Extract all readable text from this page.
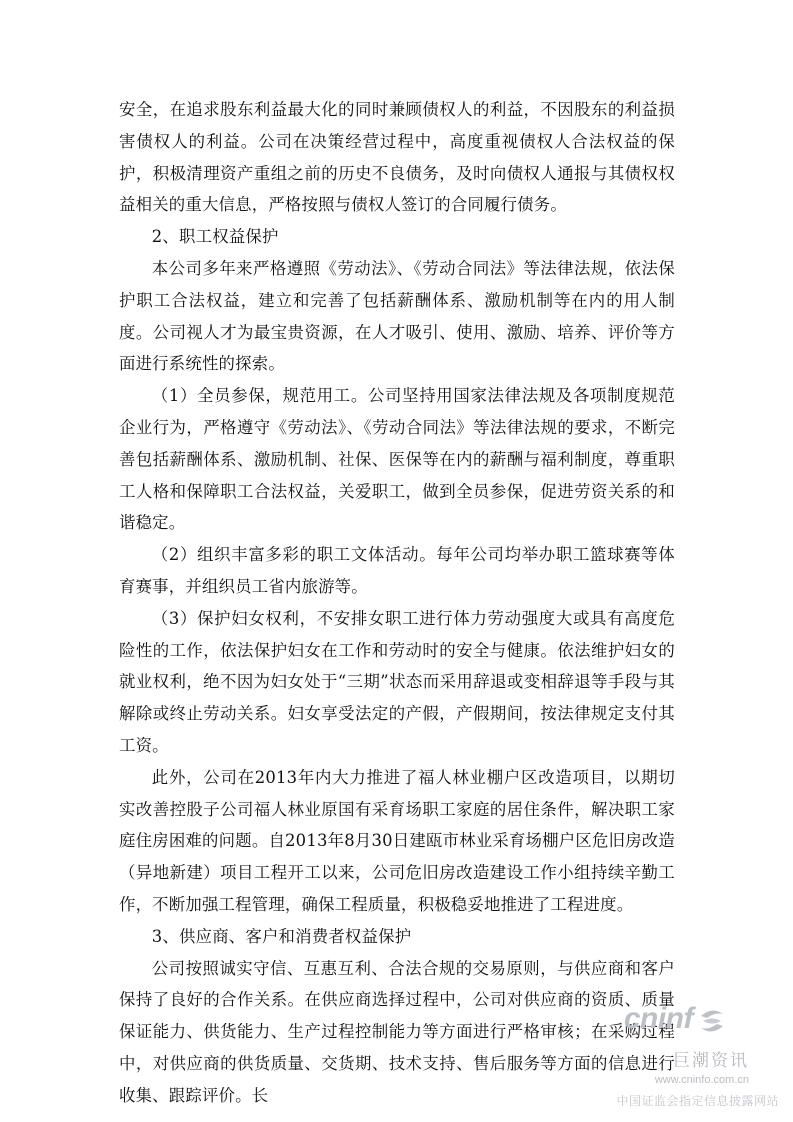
安全，在追求股东利益最大化的同时兼顾债权人的利益，不因股东的利益损害债权人的利益。公司在决策经营过程中，高度重视债权人合法权益的保护，积极清理资产重组之前的历史不良债务，及时向债权人通报与其债权权益相关的重大信息，严格按照与债权人签订的合同履行债务。

2、职工权益保护

本公司多年来严格遵照《劳动法》、《劳动合同法》等法律法规，依法保护职工合法权益，建立和完善了包括薪酬体系、激励机制等在内的用人制度。公司视人才为最宝贵资源，在人才吸引、使用、激励、培养、评价等方面进行系统性的探索。

（1）全员参保，规范用工。公司坚持用国家法律法规及各项制度规范企业行为，严格遵守《劳动法》、《劳动合同法》等法律法规的要求，不断完善包括薪酬体系、激励机制、社保、医保等在内的薪酬与福利制度，尊重职工人格和保障职工合法权益，关爱职工，做到全员参保，促进劳资关系的和谐稳定。

（2）组织丰富多彩的职工文体活动。每年公司均举办职工篮球赛等体育赛事，并组织员工省内旅游等。

（3）保护妇女权利，不安排女职工进行体力劳动强度大或具有高度危险性的工作，依法保护妇女在工作和劳动时的安全与健康。依法维护妇女的就业权利，绝不因为妇女处于“三期”状态而采用辞退或变相辞退等手段与其解除或终止劳动关系。妇女享受法定的产假，产假期间，按法律规定支付其工资。

此外，公司在2013年内大力推进了福人林业棚户区改造项目，以期切实改善控股子公司福人林业原国有采育场职工家庭的居住条件，解决职工家庭住房困难的问题。自2013年8月30日建瓯市林业采育场棚户区危旧房改造（异地新建）项目工程开工以来，公司危旧房改造建设工作小组持续辛勤工作，不断加强工程管理，确保工程质量，积极稳妥地推进了工程进度。

3、供应商、客户和消费者权益保护

公司按照诚实守信、互惠互利、合法合规的交易原则，与供应商和客户保持了良好的合作关系。在供应商选择过程中，公司对供应商的资质、质量保证能力、供货能力、生产过程控制能力等方面进行严格审核；在采购过程中，对供应商的供货质量、交货期、技术支持、售后服务等方面的信息进行收集、跟踪评价。长

cninf
巨潮资讯
www.cninfo.com.cn
中国证监会指定信息披露网站
